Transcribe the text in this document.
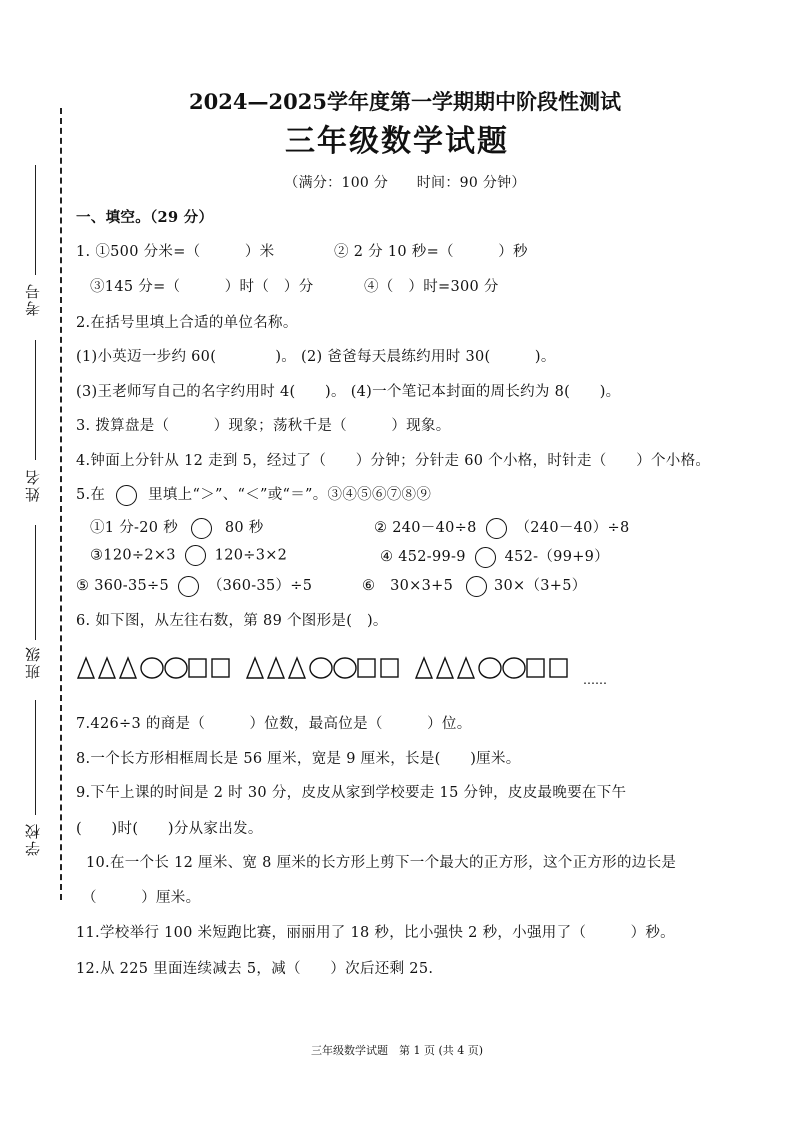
考号
姓名
班级
学校
2024—2025学年度第一学期期中阶段性测试
三年级数学试题
（满分：100 分　　时间：90 分钟）
一、填空。（29 分）
1. ①500 分米=（　　　）米	② 2 分 10 秒=（　　　）秒
③145 分=（　　　）时（　）分	④（　）时=300 分
2.在括号里填上合适的单位名称。
(1)小英迈一步约 60(　　　　)。 (2) 爸爸每天晨练约用时 30(　　　)。
(3)王老师写自己的名字约用时 4(　　)。 (4)一个笔记本封面的周长约为 8(　　)。
3. 拨算盘是（　　　）现象；荡秋千是（　　　）现象。
4.钟面上分针从 12 走到 5，经过了（　　）分钟；分针走 60 个小格，时针走（　　）个小格。
5.在	里填上“＞”、“＜”或“＝”。③④⑤⑥⑦⑧⑨
①1 分-20 秒	80 秒	② 240－40÷8	（240－40）÷8
③120÷2×3	120÷3×2	④ 452-99-9	452-（99+9）
⑤ 360-35÷5	（360-35）÷5	⑥　30×3+5	30×（3+5）
6. 如下图，从左往右数，第 89 个图形是(　)。
……
7.426÷3 的商是（　　　）位数，最高位是（　　　）位。
8.一个长方形相框周长是 56 厘米，宽是 9 厘米，长是(　　)厘米。
9.下午上课的时间是 2 时 30 分，皮皮从家到学校要走 15 分钟，皮皮最晚要在下午
(　　)时(　　)分从家出发。
10.在一个长 12 厘米、宽 8 厘米的长方形上剪下一个最大的正方形，这个正方形的边长是
（　　　）厘米。
11.学校举行 100 米短跑比赛，丽丽用了 18 秒，比小强快 2 秒，小强用了（　　　）秒。
12.从 225 里面连续减去 5，减（　　）次后还剩 25.
三年级数学试题　第 1 页 (共 4 页)
